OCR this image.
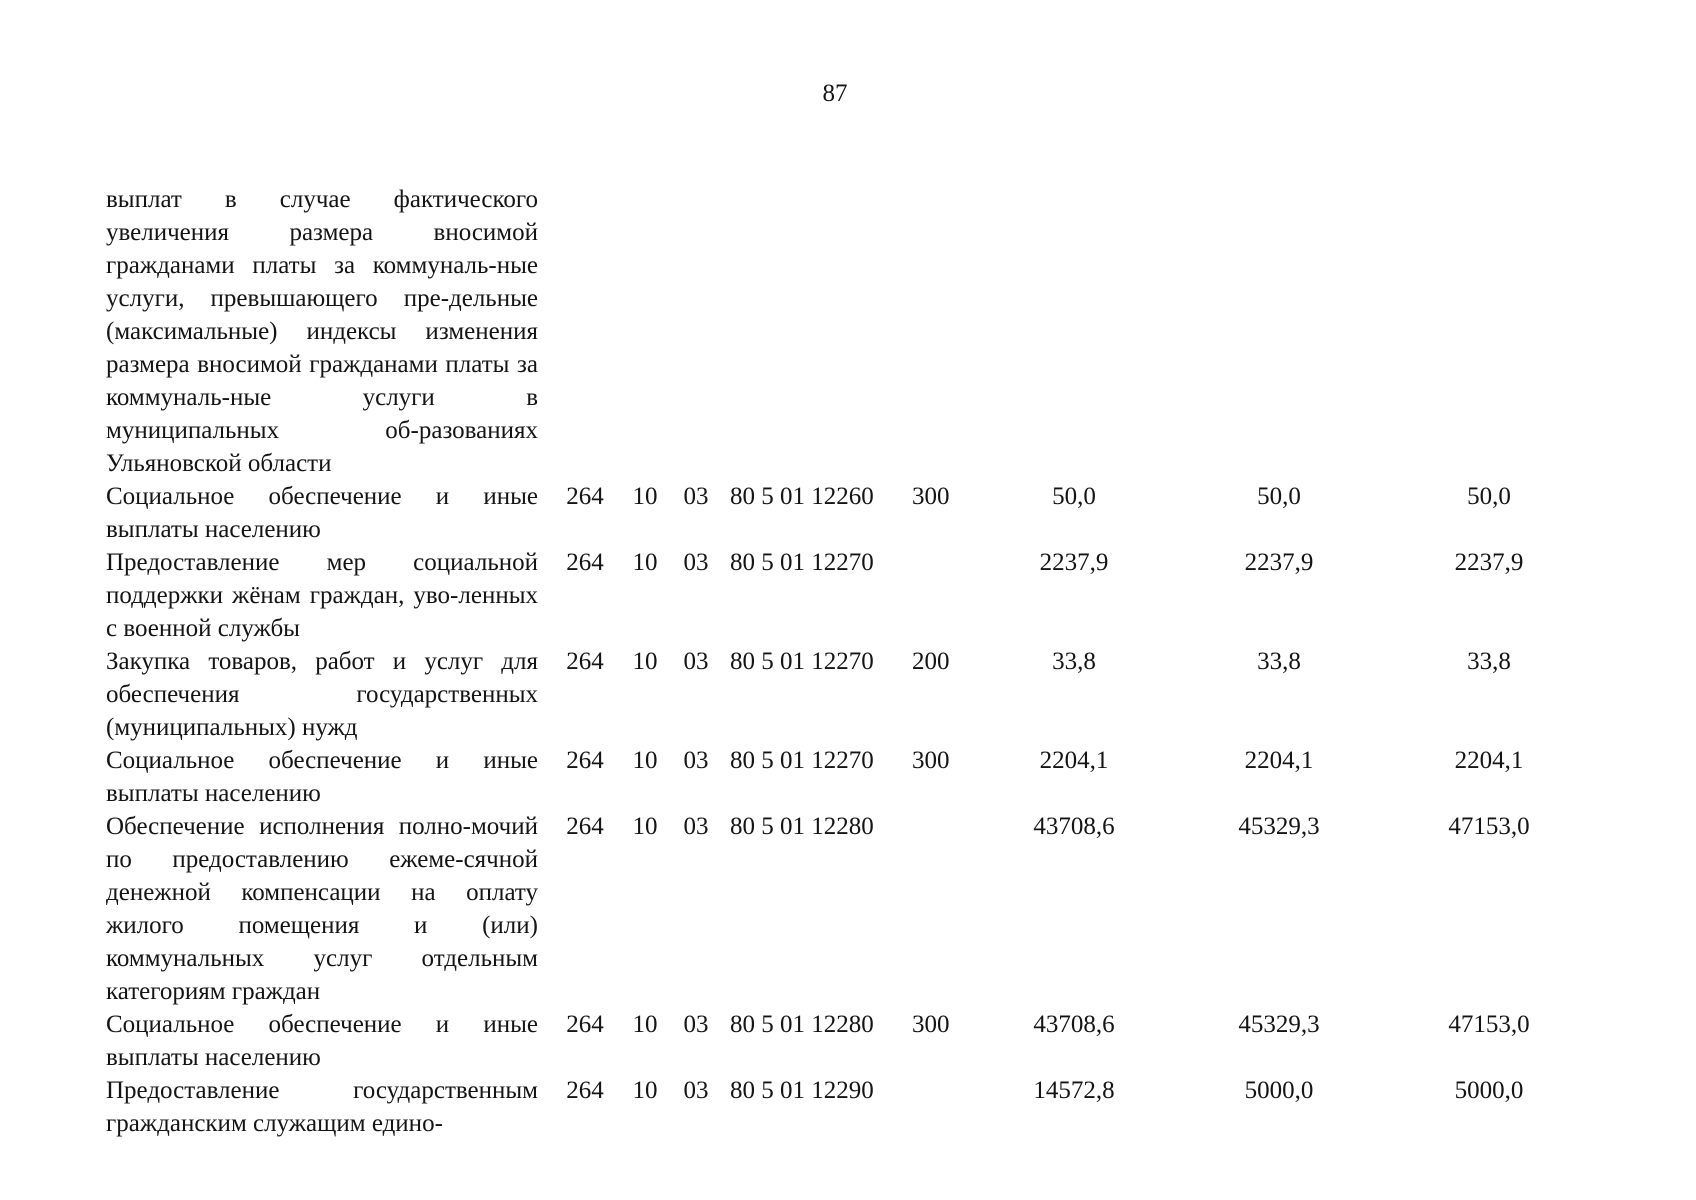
87
выплат в случае фактического увеличения размера вносимой гражданами платы за коммуналь-ные услуги, превышающего пре-дельные (максимальные) индексы изменения размера вносимой гражданами платы за коммуналь-ные услуги в муниципальных об-разованиях Ульяновской области								
Социальное обеспечение и иные выплаты населению	264	10	03	80 5 01 12260	300	50,0	50,0	50,0
Предоставление мер социальной поддержки жёнам граждан, уво-ленных с военной службы	264	10	03	80 5 01 12270		2237,9	2237,9	2237,9
Закупка товаров, работ и услуг для обеспечения государственных (муниципальных) нужд	264	10	03	80 5 01 12270	200	33,8	33,8	33,8
Социальное обеспечение и иные выплаты населению	264	10	03	80 5 01 12270	300	2204,1	2204,1	2204,1
Обеспечение исполнения полно-мочий по предоставлению ежеме-сячной денежной компенсации на оплату жилого помещения и (или) коммунальных услуг отдельным категориям граждан	264	10	03	80 5 01 12280		43708,6	45329,3	47153,0
Социальное обеспечение и иные выплаты населению	264	10	03	80 5 01 12280	300	43708,6	45329,3	47153,0
Предоставление государственным гражданским служащим едино-	264	10	03	80 5 01 12290		14572,8	5000,0	5000,0
